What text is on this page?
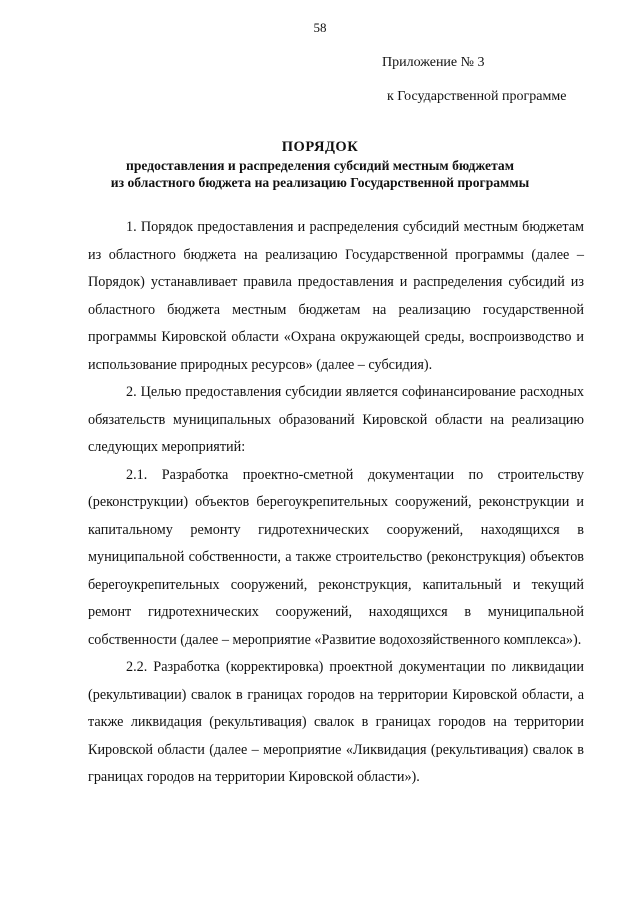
58
Приложение № 3
к Государственной программе
ПОРЯДОК
предоставления и распределения субсидий местным бюджетам
из областного бюджета на реализацию Государственной программы

1. Порядок предоставления и распределения субсидий местным бюджетам из областного бюджета на реализацию Государственной программы (далее – Порядок) устанавливает правила предоставления и распределения субсидий из областного бюджета местным бюджетам на реализацию государственной программы Кировской области «Охрана окружающей среды, воспроизводство и использование природных ресурсов» (далее – субсидия).

2. Целью предоставления субсидии является софинансирование расходных обязательств муниципальных образований Кировской области на реализацию следующих мероприятий:

2.1. Разработка проектно-сметной документации по строительству (реконструкции) объектов берегоукрепительных сооружений, реконструкции и капитальному ремонту гидротехнических сооружений, находящихся в муниципальной собственности, а также строительство (реконструкция) объектов берегоукрепительных сооружений, реконструкция, капитальный и текущий ремонт гидротехнических сооружений, находящихся в муниципальной собственности (далее – мероприятие «Развитие водохозяйственного комплекса»).

2.2. Разработка (корректировка) проектной документации по ликвидации (рекультивации) свалок в границах городов на территории Кировской области, а также ликвидация (рекультивация) свалок в границах городов на территории Кировской области (далее – мероприятие «Ликвидация (рекультивация) свалок в границах городов на территории Кировской области»).
